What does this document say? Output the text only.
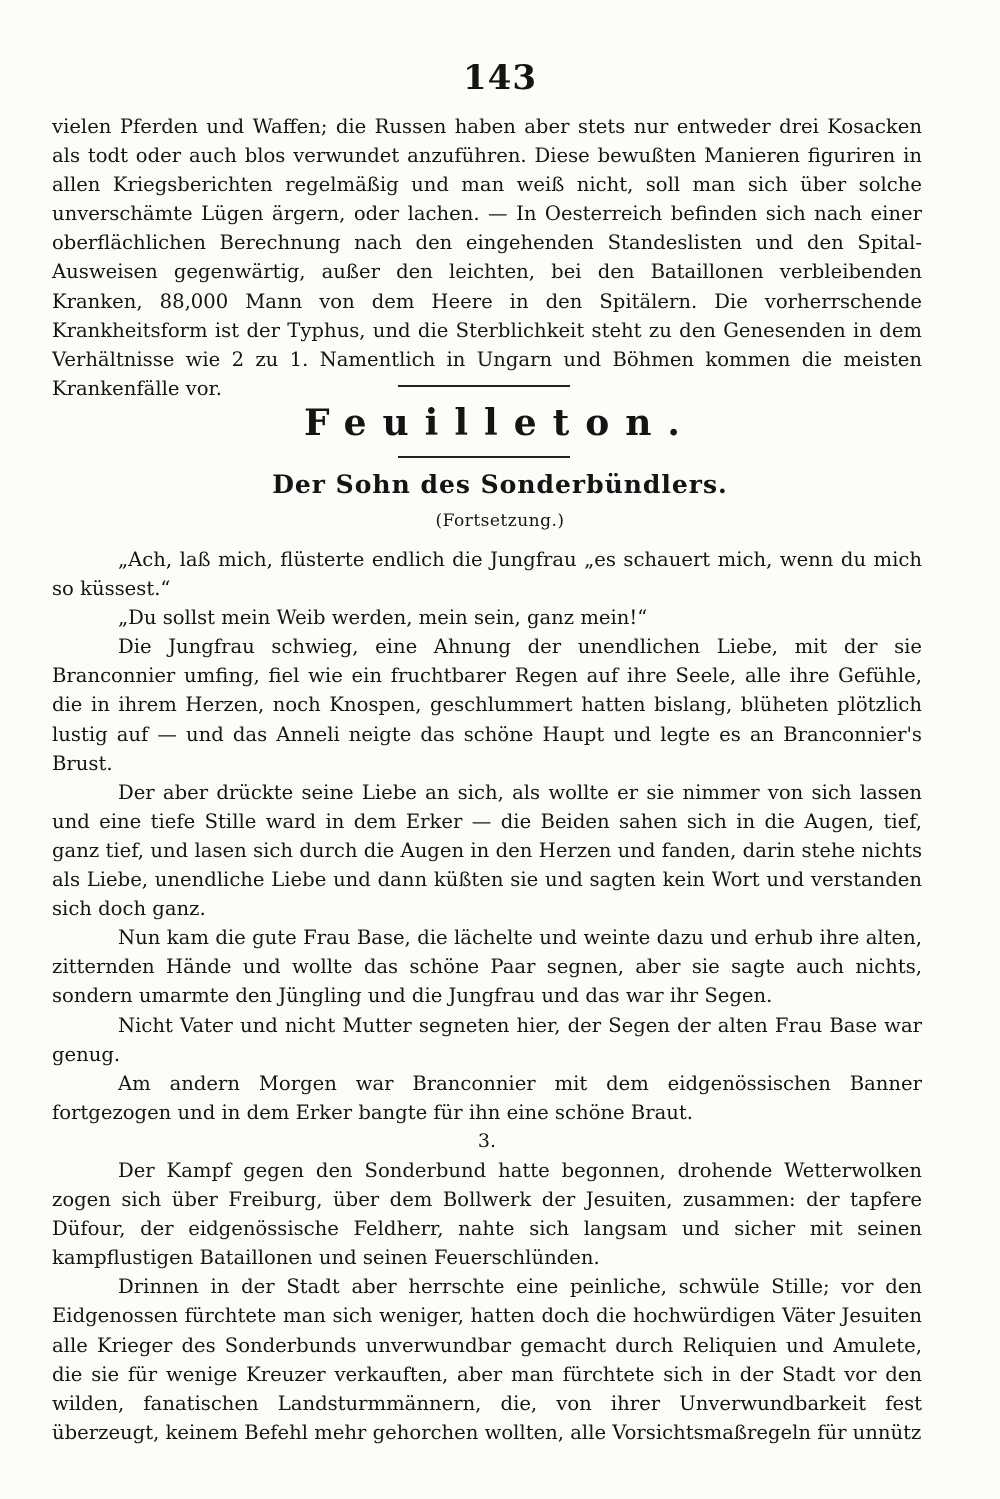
143

vielen Pferden und Waffen; die Russen haben aber stets nur entweder drei Kosacken als todt oder auch blos verwundet anzuführen. Diese bewußten Manieren figuriren in allen Kriegsberichten regelmäßig und man weiß nicht, soll man sich über solche unverschämte Lügen ärgern, oder lachen. — In Oesterreich befinden sich nach einer oberflächlichen Berechnung nach den eingehenden Standeslisten und den Spital-Ausweisen gegenwärtig, außer den leichten, bei den Bataillonen verbleibenden Kranken, 88,000 Mann von dem Heere in den Spitälern. Die vorherrschende Krankheitsform ist der Typhus, und die Sterblichkeit steht zu den Genesenden in dem Verhältnisse wie 2 zu 1. Namentlich in Ungarn und Böhmen kommen die meisten Krankenfälle vor.

Feuilleton.
Der Sohn des Sonderbündlers.
(Fortsetzung.)

„Ach, laß mich, flüsterte endlich die Jungfrau „es schauert mich, wenn du mich so küssest.“

„Du sollst mein Weib werden, mein sein, ganz mein!“

Die Jungfrau schwieg, eine Ahnung der unendlichen Liebe, mit der sie Branconnier umfing, fiel wie ein fruchtbarer Regen auf ihre Seele, alle ihre Gefühle, die in ihrem Herzen, noch Knospen, geschlummert hatten bislang, blüheten plötzlich lustig auf — und das Anneli neigte das schöne Haupt und legte es an Branconnier's Brust.

Der aber drückte seine Liebe an sich, als wollte er sie nimmer von sich lassen und eine tiefe Stille ward in dem Erker — die Beiden sahen sich in die Augen, tief, ganz tief, und lasen sich durch die Augen in den Herzen und fanden, darin stehe nichts als Liebe, unendliche Liebe und dann küßten sie und sagten kein Wort und verstanden sich doch ganz.

Nun kam die gute Frau Base, die lächelte und weinte dazu und erhub ihre alten, zitternden Hände und wollte das schöne Paar segnen, aber sie sagte auch nichts, sondern umarmte den Jüngling und die Jungfrau und das war ihr Segen.

Nicht Vater und nicht Mutter segneten hier, der Segen der alten Frau Base war genug.

Am andern Morgen war Branconnier mit dem eidgenössischen Banner fortgezogen und in dem Erker bangte für ihn eine schöne Braut.

3.

Der Kampf gegen den Sonderbund hatte begonnen, drohende Wetterwolken zogen sich über Freiburg, über dem Bollwerk der Jesuiten, zusammen: der tapfere Düfour, der eidgenössische Feldherr, nahte sich langsam und sicher mit seinen kampflustigen Bataillonen und seinen Feuerschlünden.

Drinnen in der Stadt aber herrschte eine peinliche, schwüle Stille; vor den Eidgenossen fürchtete man sich weniger, hatten doch die hochwürdigen Väter Jesuiten alle Krieger des Sonderbunds unverwundbar gemacht durch Reliquien und Amulete, die sie für wenige Kreuzer verkauften, aber man fürchtete sich in der Stadt vor den wilden, fanatischen Landsturmmännern, die, von ihrer Unverwundbarkeit fest überzeugt, keinem Befehl mehr gehorchen wollten, alle Vorsichtsmaßregeln für unnütz
